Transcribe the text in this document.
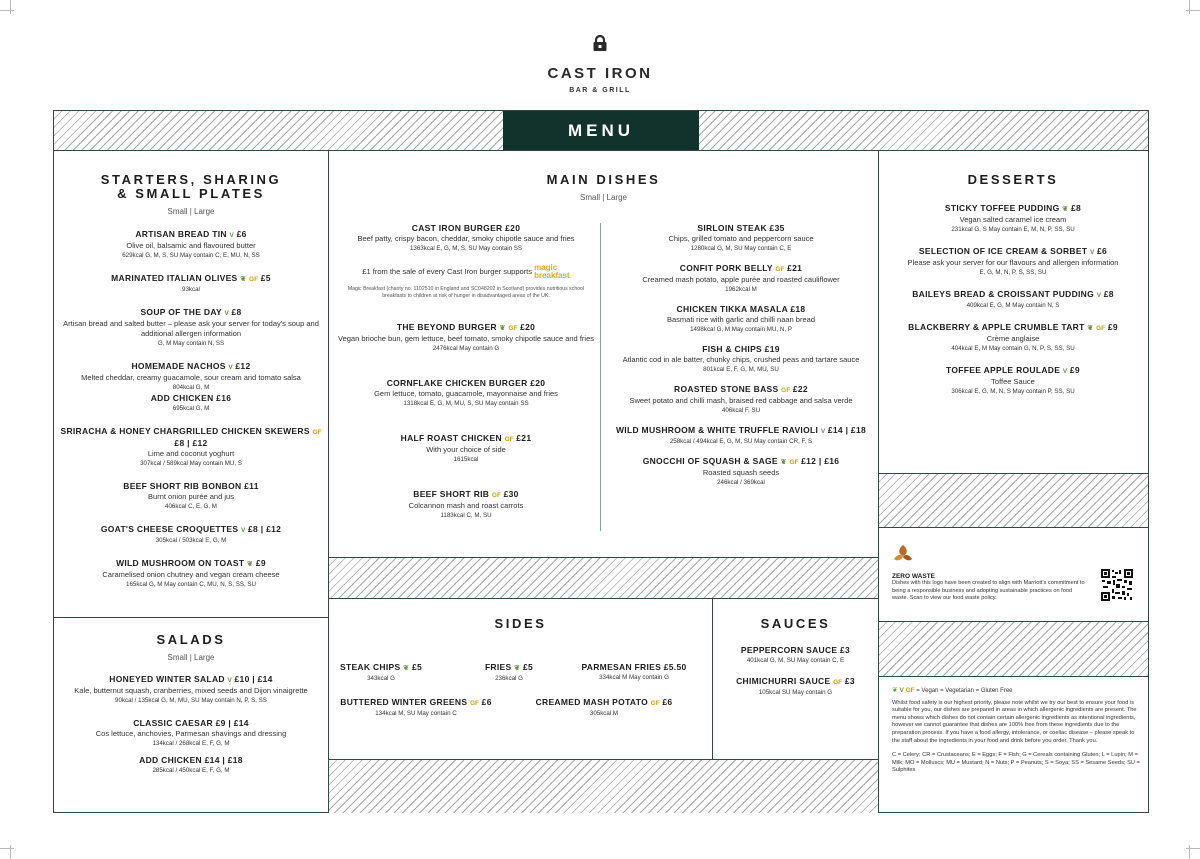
CAST IRON
BAR & GRILL
MENU
STARTERS, SHARING
& SMALL PLATES
Small | Large
ARTISAN BREAD TIN V £6
Olive oil, balsamic and flavoured butter
629kcal G, M, S, SU May contain C, E, MU, N, SS
MARINATED ITALIAN OLIVES ❦ GF £5
93kcal
SOUP OF THE DAY V £8
Artisan bread and salted butter – please ask your server for today's soup and additional allergen information
G, M May contain N, SS
HOMEMADE NACHOS V £12
Melted cheddar, creamy guacamole, sour cream and tomato salsa
804kcal G, M
ADD CHICKEN £16
695kcal G, M
SRIRACHA & HONEY CHARGRILLED CHICKEN SKEWERS GF £8 | £12
Lime and coconut yoghurt
307kcal / 589kcal May contain MU, S
BEEF SHORT RIB BONBON £11
Burnt onion purée and jus
406kcal C, E, G, M
GOAT'S CHEESE CROQUETTES V £8 | £12
305kcal / 503kcal E, G, M
WILD MUSHROOM ON TOAST ❦ £9
Caramelised onion chutney and vegan cream cheese
165kcal G, M May contain C, MU, N, S, SS, SU
SALADS
Small | Large
HONEYED WINTER SALAD V £10 | £14
Kale, butternut squash, cranberries, mixed seeds and Dijon vinaigrette
90kcal / 135kcal G, M, MU, SU May contain N, P, S, SS
CLASSIC CAESAR £9 | £14
Cos lettuce, anchovies, Parmesan shavings and dressing
134kcal / 268kcal E, F, G, M
ADD CHICKEN £14 | £18
285kcal / 450kcal E, F, G, M
MAIN DISHES
Small | Large
CAST IRON BURGER £20
Beef patty, crispy bacon, cheddar, smoky chipotle sauce and fries
1363kcal E, G, M, S, SU May contain SS
£1 from the sale of every Cast Iron burger supports magic
breakfast
Magic Breakfast (charity no. 1102510 in England and SC048202 in Scotland) provides nutritious school breakfasts to children at risk of hunger in disadvantaged areas of the UK.
THE BEYOND BURGER ❦ GF £20
Vegan brioche bun, gem lettuce, beef tomato, smoky chipotle sauce and fries
2476kcal May contain G
CORNFLAKE CHICKEN BURGER £20
Gem lettuce, tomato, guacamole, mayonnaise and fries
1318kcal E, G, M, MU, S, SU May contain SS
HALF ROAST CHICKEN GF £21
With your choice of side
1615kcal
BEEF SHORT RIB GF £30
Colcannon mash and roast carrots
1183kcal C, M, SU
SIRLOIN STEAK £35
Chips, grilled tomato and peppercorn sauce
1280kcal G, M, SU May contain C, E
CONFIT PORK BELLY GF £21
Creamed mash potato, apple purée and roasted cauliflower
1962kcal M
CHICKEN TIKKA MASALA £18
Basmati rice with garlic and chilli naan bread
1498kcal G, M May contain MU, N, P
FISH & CHIPS £19
Atlantic cod in ale batter, chunky chips, crushed peas and tartare sauce
801kcal E, F, G, M, MU, SU
ROASTED STONE BASS GF £22
Sweet potato and chilli mash, braised red cabbage and salsa verde
406kcal F, SU
WILD MUSHROOM & WHITE TRUFFLE RAVIOLI V £14 | £18
258kcal / 494kcal E, G, M, SU May contain CR, F, S
GNOCCHI OF SQUASH & SAGE ❦ GF £12 | £16
Roasted squash seeds
246kcal / 369kcal
DESSERTS
STICKY TOFFEE PUDDING ❦ £8
Vegan salted caramel ice cream
231kcal G, S May contain E, M, N, P, SS, SU
SELECTION OF ICE CREAM & SORBET V £6
Please ask your server for our flavours and allergen information
E, G, M, N, P, S, SS, SU
BAILEYS BREAD & CROISSANT PUDDING V £8
409kcal E, G, M May contain N, S
BLACKBERRY & APPLE CRUMBLE TART ❦ GF £9
Crème anglaise
404kcal E, M May contain G, N, P, S, SS, SU
TOFFEE APPLE ROULADE V £9
Toffee Sauce
306kcal E, G, M, N, S May contain P, SS, SU
SIDES
STEAK CHIPS ❦ £5
343kcal G
FRIES ❦ £5
236kcal G
PARMESAN FRIES £5.50
334kcal M May contain G
BUTTERED WINTER GREENS GF £6
134kcal M, SU May contain C
CREAMED MASH POTATO GF £6
305kcal M
SAUCES
PEPPERCORN SAUCE £3
401kcal G, M, SU May contain C, E
CHIMICHURRI SAUCE GF £3
105kcal SU May contain G
ZERO WASTE
Dishes with this logo have been created to align with Marriott's commitment to being a responsible business and adopting sustainable practices on food waste. Scan to view our food waste policy.
❦ V GF = Vegan = Vegetarian = Gluten Free

Whilst food safety is our highest priority, please note whilst we try our best to ensure your food is suitable for you, our dishes are prepared in areas in which allergenic ingredients are present. The menu shows which dishes do not contain certain allergenic ingredients as intentional ingredients, however we cannot guarantee that dishes are 100% free from these ingredients due to the preparation process. If you have a food allergy, intolerance, or coeliac disease – please speak to the staff about the ingredients in your food and drink before you order. Thank you.

C = Celery; CR = Crustaceans; E = Eggs; F = Fish; G = Cereals containing Gluten; L = Lupin; M = Milk; MO = Molluscs; MU = Mustard; N = Nuts; P = Peanuts; S = Soya; SS = Sesame Seeds; SU = Sulphites
